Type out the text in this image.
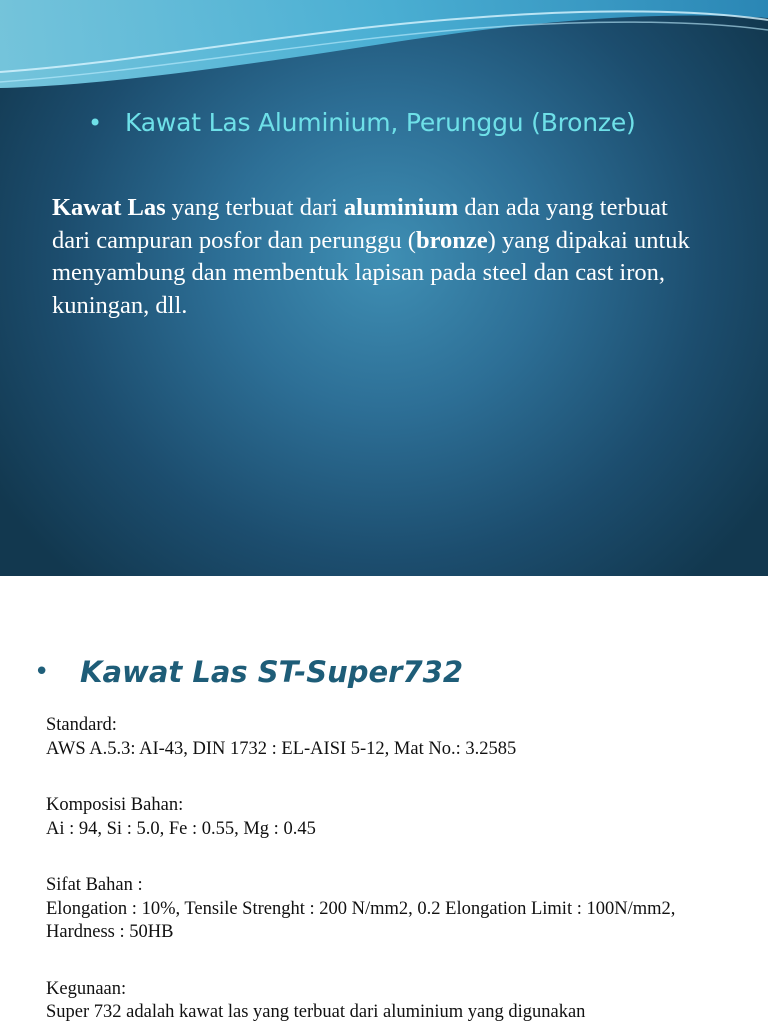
• Kawat Las Aluminium, Perunggu (Bronze)
Kawat Las yang terbuat dari aluminium dan ada yang terbuat dari campuran posfor dan perunggu (bronze) yang dipakai untuk menyambung dan membentuk lapisan pada steel dan cast iron, kuningan, dll.
•	Kawat Las ST-Super732

Standard:

AWS A.5.3: AI-43, DIN 1732 : EL-AISI 5-12, Mat No.: 3.2585

Komposisi Bahan:

Ai : 94, Si : 5.0, Fe : 0.55, Mg : 0.45

Sifat Bahan :

Elongation : 10%, Tensile Strenght : 200 N/mm2, 0.2 Elongation Limit : 100N/mm2, Hardness : 50HB

Kegunaan:

Super 732 adalah kawat las yang terbuat dari aluminium yang digunakan
